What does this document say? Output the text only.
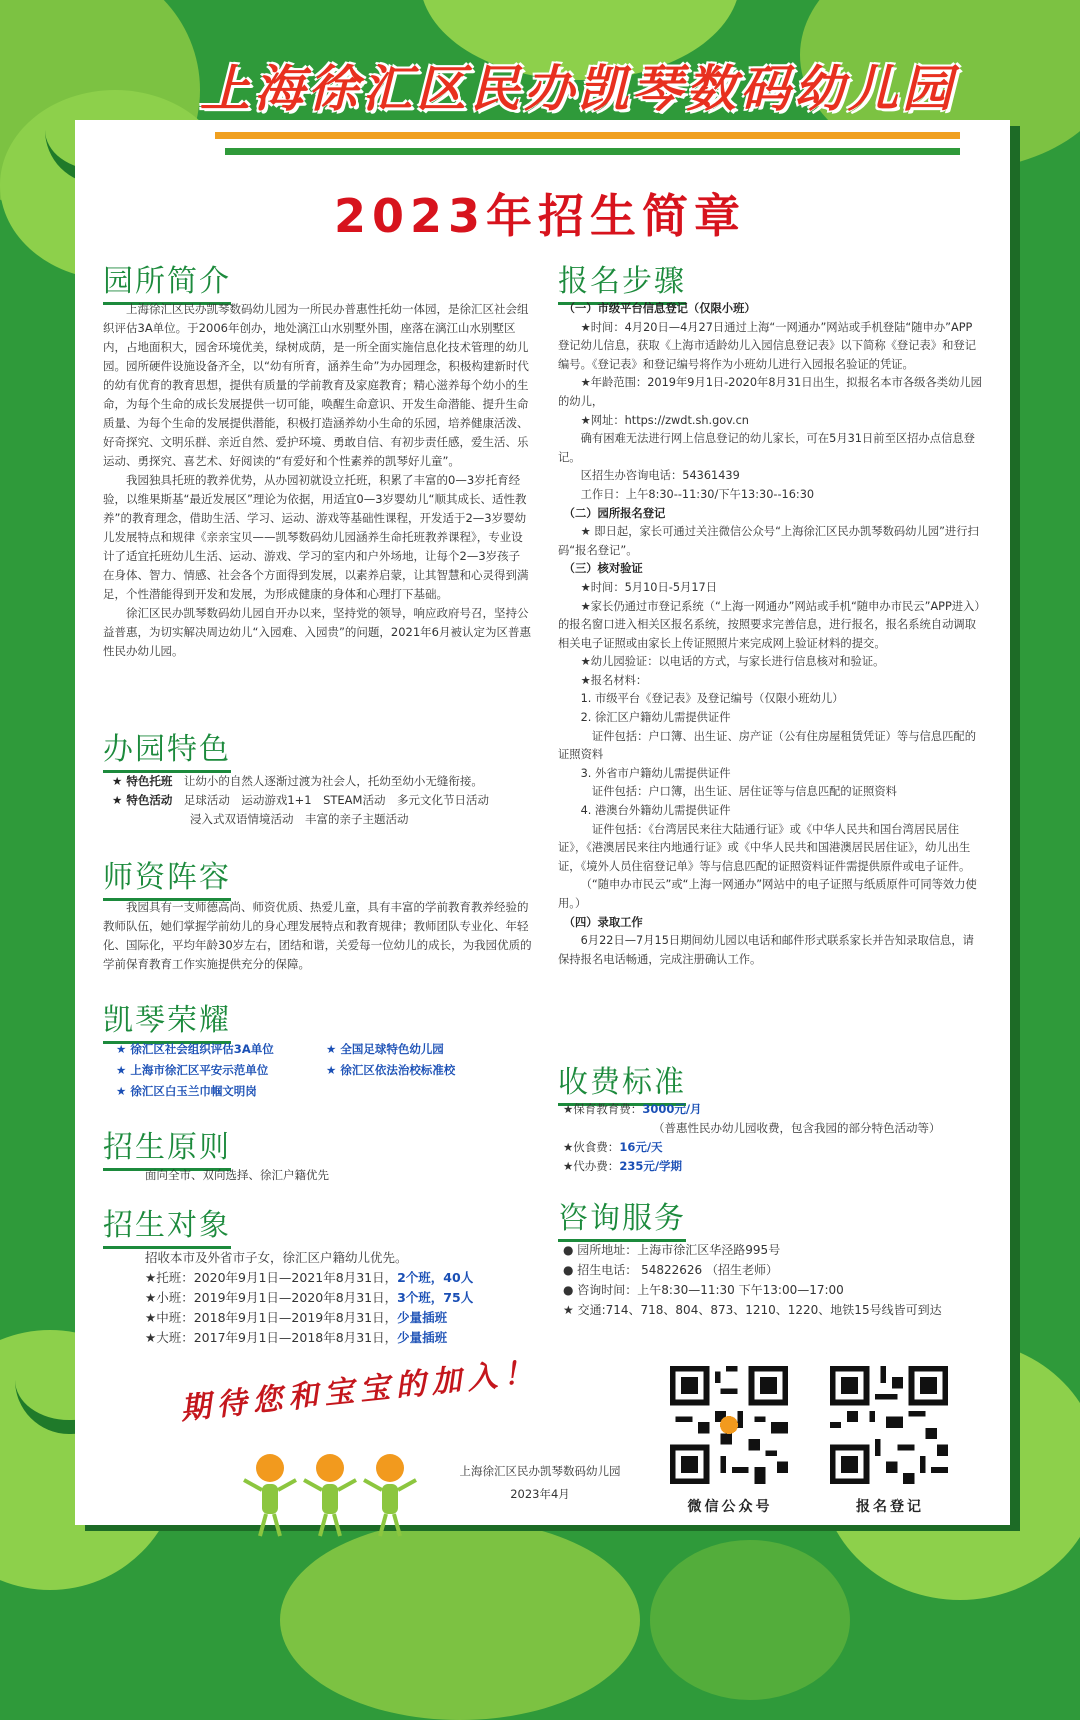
上海徐汇区民办凯琴数码幼儿园
2023年招生简章
园所简介

上海徐汇区民办凯琴数码幼儿园为一所民办普惠性托幼一体园，是徐汇区社会组织评估3A单位。于2006年创办，地处漓江山水别墅外围，座落在漓江山水别墅区内，占地面积大，园舍环境优美，绿树成荫，是一所全面实施信息化技术管理的幼儿园。园所硬件设施设备齐全，以“幼有所育，涵养生命”为办园理念，积极构建新时代的幼有优育的教育思想，提供有质量的学前教育及家庭教育；精心滋养每个幼小的生命，为每个生命的成长发展提供一切可能，唤醒生命意识、开发生命潜能、提升生命质量、为每个生命的发展提供潜能，积极打造涵养幼小生命的乐园，培养健康活泼、好奇探究、文明乐群、亲近自然、爱护环境、勇敢自信、有初步责任感，爱生活、乐运动、勇探究、喜艺术、好阅读的“有爱好和个性素养的凯琴好儿童”。

我园独具托班的教养优势，从办园初就设立托班，积累了丰富的0—3岁托育经验，以维果斯基“最近发展区”理论为依据，用适宜0—3岁婴幼儿“顺其成长、适性教养”的教育理念，借助生活、学习、运动、游戏等基础性课程，开发适于2—3岁婴幼儿发展特点和规律《亲亲宝贝——凯琴数码幼儿园涵养生命托班教养课程》，专业设计了适宜托班幼儿生活、运动、游戏、学习的室内和户外场地，让每个2—3岁孩子在身体、智力、情感、社会各个方面得到发展，以素养启蒙，让其智慧和心灵得到满足，个性潜能得到开发和发展，为形成健康的身体和心理打下基础。

徐汇区民办凯琴数码幼儿园自开办以来，坚持党的领导，响应政府号召，坚持公益普惠，为切实解决周边幼儿“入园难、入园贵”的问题，2021年6月被认定为区普惠性民办幼儿园。

办园特色
★ 特色托班　 让幼小的自然人逐渐过渡为社会人，托幼至幼小无缝衔接。
★ 特色活动　 足球活动　运动游戏1+1　STEAM活动　多元文化节日活动
浸入式双语情境活动　丰富的亲子主题活动
师资阵容

我园具有一支师德高尚、师资优质、热爱儿童，具有丰富的学前教育教养经验的教师队伍，她们掌握学前幼儿的身心理发展特点和教育规律；教师团队专业化、年轻化、国际化，平均年龄30岁左右，团结和谐，关爱每一位幼儿的成长，为我园优质的学前保育教育工作实施提供充分的保障。

凯琴荣耀
★ 徐汇区社会组织评估3A单位	★ 全国足球特色幼儿园
★ 上海市徐汇区平安示范单位	★ 徐汇区依法治校标准校
★ 徐汇区白玉兰巾帼文明岗
招生原则
面向全市、双向选择、徐汇户籍优先
招生对象
招收本市及外省市子女，徐汇区户籍幼儿优先。
★托班：2020年9月1日—2021年8月31日，2个班，40人
★小班：2019年9月1日—2020年8月31日，3个班，75人
★中班：2018年9月1日—2019年8月31日，少量插班
★大班：2017年9月1日—2018年8月31日，少量插班
报名步骤

（一）市级平台信息登记（仅限小班）

★时间：4月20日—4月27日通过上海“一网通办”网站或手机登陆“随申办”APP登记幼儿信息，获取《上海市适龄幼儿入园信息登记表》以下简称《登记表》和登记编号。《登记表》和登记编号将作为小班幼儿进行入园报名验证的凭证。

★年龄范围：2019年9月1日-2020年8月31日出生，拟报名本市各级各类幼儿园的幼儿，

★网址：https://zwdt.sh.gov.cn

确有困难无法进行网上信息登记的幼儿家长，可在5月31日前至区招办点信息登记。

区招生办咨询电话：54361439

工作日：上午8:30--11:30/下午13:30--16:30

（二）园所报名登记

★ 即日起，家长可通过关注微信公众号“上海徐汇区民办凯琴数码幼儿园”进行扫码“报名登记”。

（三）核对验证

★时间：5月10日-5月17日

★家长仍通过市登记系统（“上海一网通办”网站或手机“随申办市民云”APP进入）的报名窗口进入相关区报名系统，按照要求完善信息，进行报名，报名系统自动调取相关电子证照或由家长上传证照照片来完成网上验证材料的提交。

★幼儿园验证：以电话的方式，与家长进行信息核对和验证。

★报名材料：

1. 市级平台《登记表》及登记编号（仅限小班幼儿）

2. 徐汇区户籍幼儿需提供证件

证件包括：户口簿、出生证、房产证（公有住房屋租赁凭证）等与信息匹配的证照资料

3. 外省市户籍幼儿需提供证件

证件包括：户口簿，出生证、居住证等与信息匹配的证照资料

4. 港澳台外籍幼儿需提供证件

证件包括：《台湾居民来往大陆通行证》或《中华人民共和国台湾居民居住证》，《港澳居民来往内地通行证》或《中华人民共和国港澳居民居住证》，幼儿出生证，《境外人员住宿登记单》等与信息匹配的证照资料证件需提供原件或电子证件。

（“随申办市民云”或“上海一网通办”网站中的电子证照与纸质原件可同等效力使用。）

（四）录取工作

6月22日—7月15日期间幼儿园以电话和邮件形式联系家长并告知录取信息，请保持报名电话畅通，完成注册确认工作。

收费标准
★保育教育费：3000元/月
（普惠性民办幼儿园收费，包含我园的部分特色活动等）
★伙食费：16元/天
★代办费：235元/学期
咨询服务
● 园所地址：上海市徐汇区华泾路995号
● 招生电话： 54822626 （招生老师）
● 咨询时间：上午8:30—11:30 下午13:00—17:00
★ 交通:714、718、804、873、1210、1220、地铁15号线皆可到达
期待您和宝宝的加入！
上海徐汇区民办凯琴数码幼儿园
2023年4月
微信公众号	报名登记
